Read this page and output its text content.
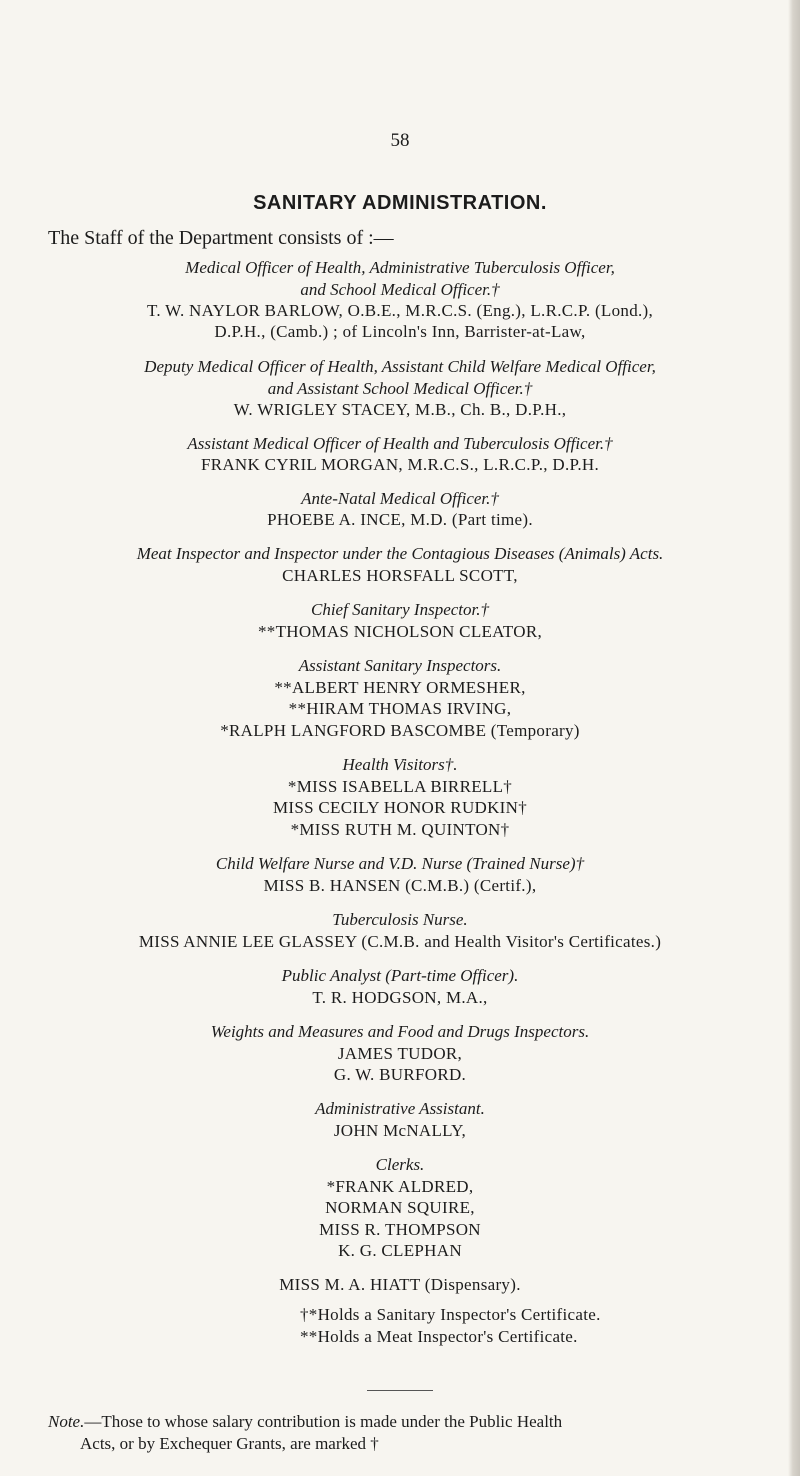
58
SANITARY ADMINISTRATION.
The Staff of the Department consists of :—
Medical Officer of Health, Administrative Tuberculosis Officer,
and School Medical Officer.†
T. W. NAYLOR BARLOW, O.B.E., M.R.C.S. (Eng.), L.R.C.P. (Lond.),
D.P.H., (Camb.) ; of Lincoln's Inn, Barrister-at-Law,
Deputy Medical Officer of Health, Assistant Child Welfare Medical Officer,
and Assistant School Medical Officer.†
W. WRIGLEY STACEY, M.B., Ch. B., D.P.H.,
Assistant Medical Officer of Health and Tuberculosis Officer.†
FRANK CYRIL MORGAN, M.R.C.S., L.R.C.P., D.P.H.
Ante-Natal Medical Officer.†
PHOEBE A. INCE, M.D. (Part time).
Meat Inspector and Inspector under the Contagious Diseases (Animals) Acts.
CHARLES HORSFALL SCOTT,
Chief Sanitary Inspector.†
**THOMAS NICHOLSON CLEATOR,
Assistant Sanitary Inspectors.
**ALBERT HENRY ORMESHER,
**HIRAM THOMAS IRVING,
*RALPH LANGFORD BASCOMBE (Temporary)
Health Visitors†.
*MISS ISABELLA BIRRELL†
MISS CECILY HONOR RUDKIN†
*MISS RUTH M. QUINTON†
Child Welfare Nurse and V.D. Nurse (Trained Nurse)†
MISS B. HANSEN (C.M.B.) (Certif.),
Tuberculosis Nurse.
MISS ANNIE LEE GLASSEY (C.M.B. and Health Visitor's Certificates.)
Public Analyst (Part-time Officer).
T. R. HODGSON, M.A.,
Weights and Measures and Food and Drugs Inspectors.
JAMES TUDOR,
G. W. BURFORD.
Administrative Assistant.
JOHN McNALLY,
Clerks.
*FRANK ALDRED,
NORMAN SQUIRE,
MISS R. THOMPSON
K. G. CLEPHAN
MISS M. A. HIATT (Dispensary).
†*Holds a Sanitary Inspector's Certificate.
**Holds a Meat Inspector's Certificate.
Note.—Those to whose salary contribution is made under the Public Health
Acts, or by Exchequer Grants, are marked †
